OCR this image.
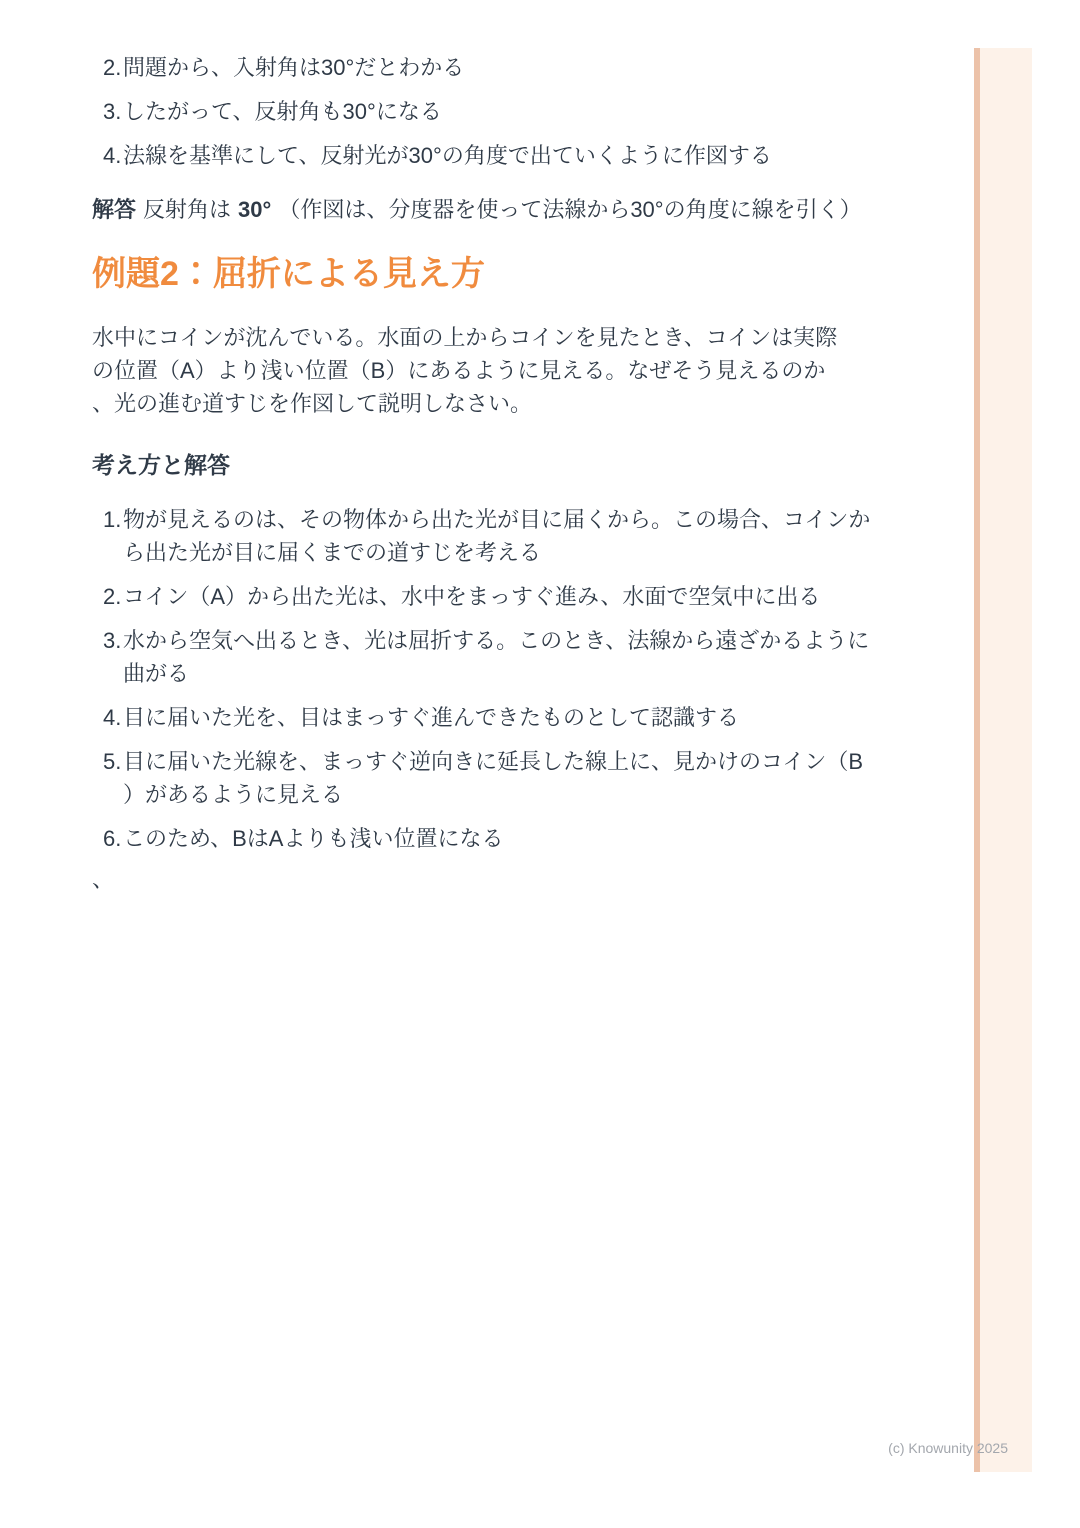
2. 問題から、入射角は30°だとわかる
3. したがって、反射角も30°になる
4. 法線を基準にして、反射光が30°の角度で出ていくように作図する

解答 反射角は 30° （作図は、分度器を使って法線から30°の角度に線を引く）

例題2：屈折による見え方

水中にコインが沈んでいる。水面の上からコインを見たとき、コインは実際の位置（A）より浅い位置（B）にあるように見える。なぜそう見えるのか、光の進む道すじを作図して説明しなさい。

考え方と解答
1. 物が見えるのは、その物体から出た光が目に届くから。この場合、コインから出た光が目に届くまでの道すじを考える
2. コイン（A）から出た光は、水中をまっすぐ進み、水面で空気中に出る
3. 水から空気へ出るとき、光は屈折する。このとき、法線から遠ざかるように曲がる
4. 目に届いた光を、目はまっすぐ進んできたものとして認識する
5. 目に届いた光線を、まっすぐ逆向きに延長した線上に、見かけのコイン（B）があるように見える
6. このため、BはAよりも浅い位置になる

、

(c) Knowunity 2025
